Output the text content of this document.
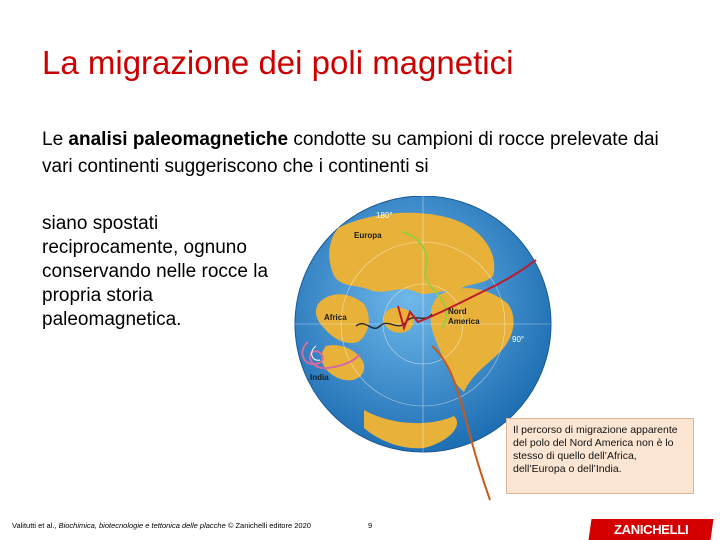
La migrazione dei poli magnetici

Le analisi paleomagnetiche condotte su campioni di rocce prelevate dai vari continenti suggeriscono che i continenti si

siano spostati reciprocamente, ognuno conservando nelle rocce la propria storia paleomagnetica.

180°
90°
90°
0°
Europa
Africa
Nord
America
India
Il percorso di migrazione apparente del polo del Nord America non è lo stesso di quello dell’Africa, dell’Europa o dell’India.
Valitutti et al., Biochimica, biotecnologie e tettonica delle placche © Zanichelli editore 2020	9	ZANICHELLI
